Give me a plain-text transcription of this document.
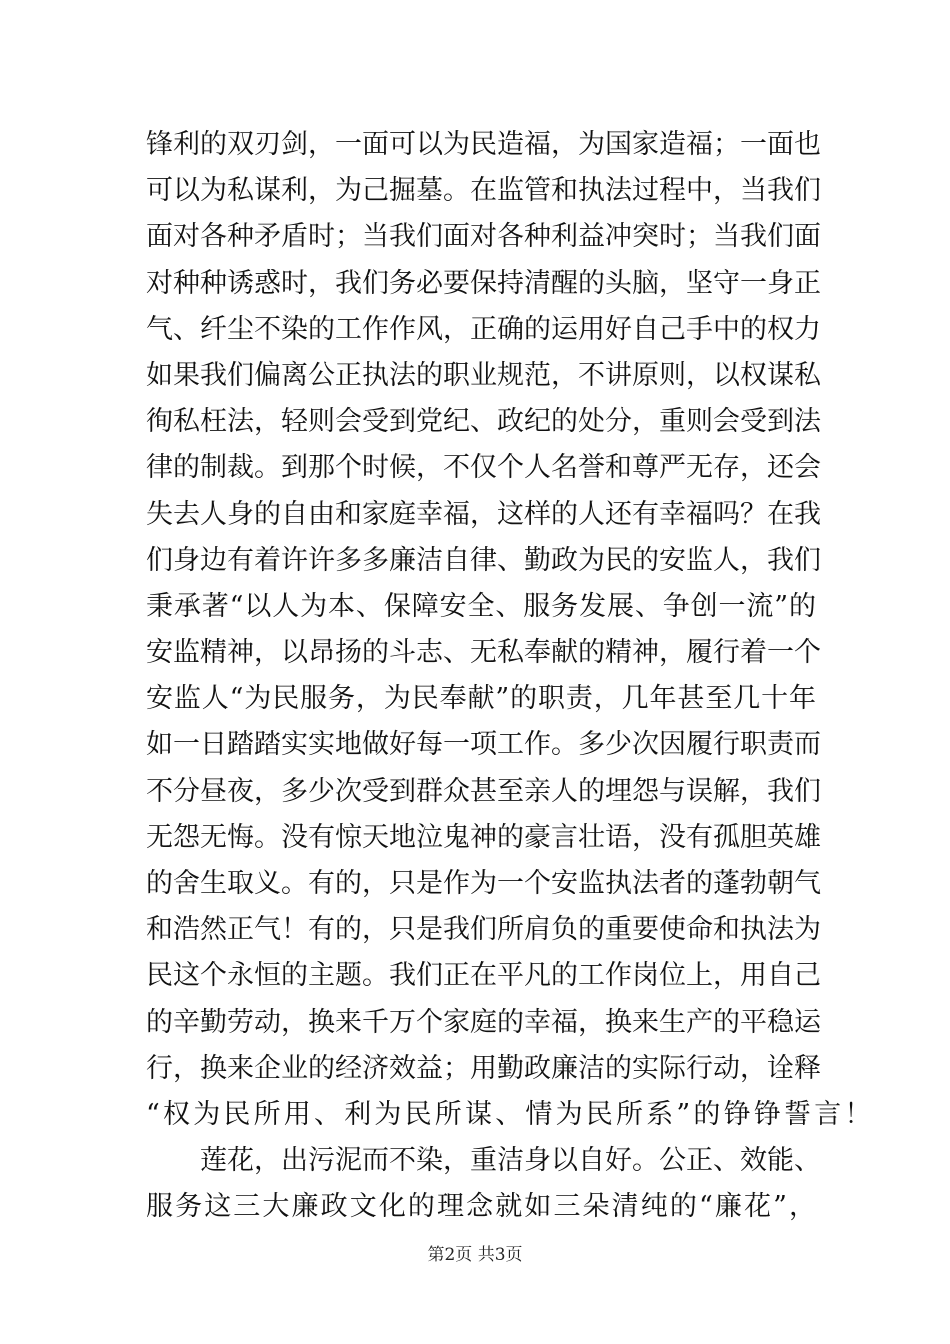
锋利的双刃剑，一面可以为民造福，为国家造福；一面也
可以为私谋利，为己掘墓。在监管和执法过程中，当我们
面对各种矛盾时；当我们面对各种利益冲突时；当我们面
对种种诱惑时，我们务必要保持清醒的头脑，坚守一身正
气、纤尘不染的工作作风，正确的运用好自己手中的权力
如果我们偏离公正执法的职业规范，不讲原则，以权谋私
徇私枉法，轻则会受到党纪、政纪的处分，重则会受到法
律的制裁。到那个时候，不仅个人名誉和尊严无存，还会
失去人身的自由和家庭幸福，这样的人还有幸福吗？在我
们身边有着许许多多廉洁自律、勤政为民的安监人，我们
秉承著“以人为本、保障安全、服务发展、争创一流”的
安监精神，以昂扬的斗志、无私奉献的精神，履行着一个
安监人“为民服务，为民奉献”的职责，几年甚至几十年
如一日踏踏实实地做好每一项工作。多少次因履行职责而
不分昼夜，多少次受到群众甚至亲人的埋怨与误解，我们
无怨无悔。没有惊天地泣鬼神的豪言壮语，没有孤胆英雄
的舍生取义。有的，只是作为一个安监执法者的蓬勃朝气
和浩然正气！有的，只是我们所肩负的重要使命和执法为
民这个永恒的主题。我们正在平凡的工作岗位上，用自己
的辛勤劳动，换来千万个家庭的幸福，换来生产的平稳运
行，换来企业的经济效益；用勤政廉洁的实际行动，诠释
“权为民所用、利为民所谋、情为民所系”的铮铮誓言！
　　莲花，出污泥而不染，重洁身以自好。公正、效能、
服务这三大廉政文化的理念就如三朵清纯的“廉花”，
第2页 共3页
